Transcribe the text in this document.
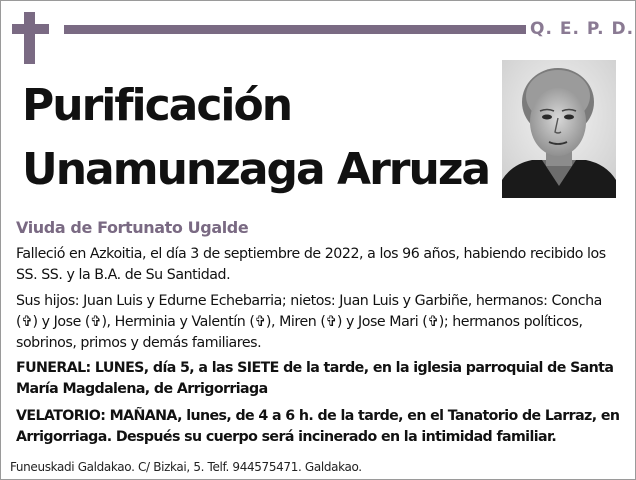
Q. E. P. D.
Purificación
Unamunzaga Arruza
Viuda de Fortunato Ugalde
Falleció en Azkoitia, el día 3 de septiembre de 2022, a los 96 años, habiendo recibido los SS. SS. y la B.A. de Su Santidad.
Sus hijos: Juan Luis y Edurne Echebarria; nietos: Juan Luis y Garbiñe, hermanos: Concha (✞) y Jose (✞), Herminia y Valentín (✞), Miren (✞) y Jose Mari (✞); hermanos políticos, sobrinos, primos y demás familiares.
FUNERAL: LUNES, día 5, a las SIETE de la tarde, en la iglesia parroquial de Santa María Magdalena, de Arrigorriaga
VELATORIO: MAÑANA, lunes, de 4 a 6 h. de la tarde, en el Tanatorio de Larraz, en Arrigorriaga. Después su cuerpo será incinerado en la intimidad familiar.
Funeuskadi Galdakao. C/ Bizkai, 5. Telf. 944575471. Galdakao.
